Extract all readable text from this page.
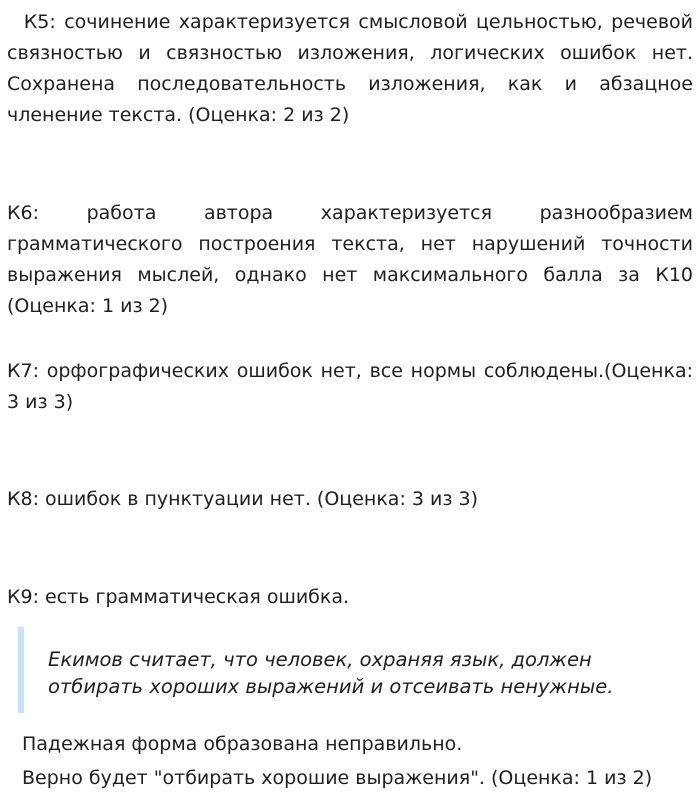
К5: сочинение характеризуется смысловой цельностью, речевой связностью и связностью изложения, логических ошибок нет. Сохранена последовательность изложения, как и абзацное членение текста. (Оценка: 2 из 2)

К6: работа автора характеризуется разнообразием грамматического построения текста, нет нарушений точности выражения мыслей, однако нет максимального балла за К10 (Оценка: 1 из 2)

К7: орфографических ошибок нет, все нормы соблюдены.(Оценка: 3 из 3)

К8: ошибок в пунктуации нет. (Оценка: 3 из 3)

К9: есть грамматическая ошибка.

Екимов считает, что человек, охраняя язык, должен

отбирать хороших выражений и отсеивать ненужные.

Падежная форма образована неправильно.

Верно будет "отбирать хорошие выражения". (Оценка: 1 из 2)
